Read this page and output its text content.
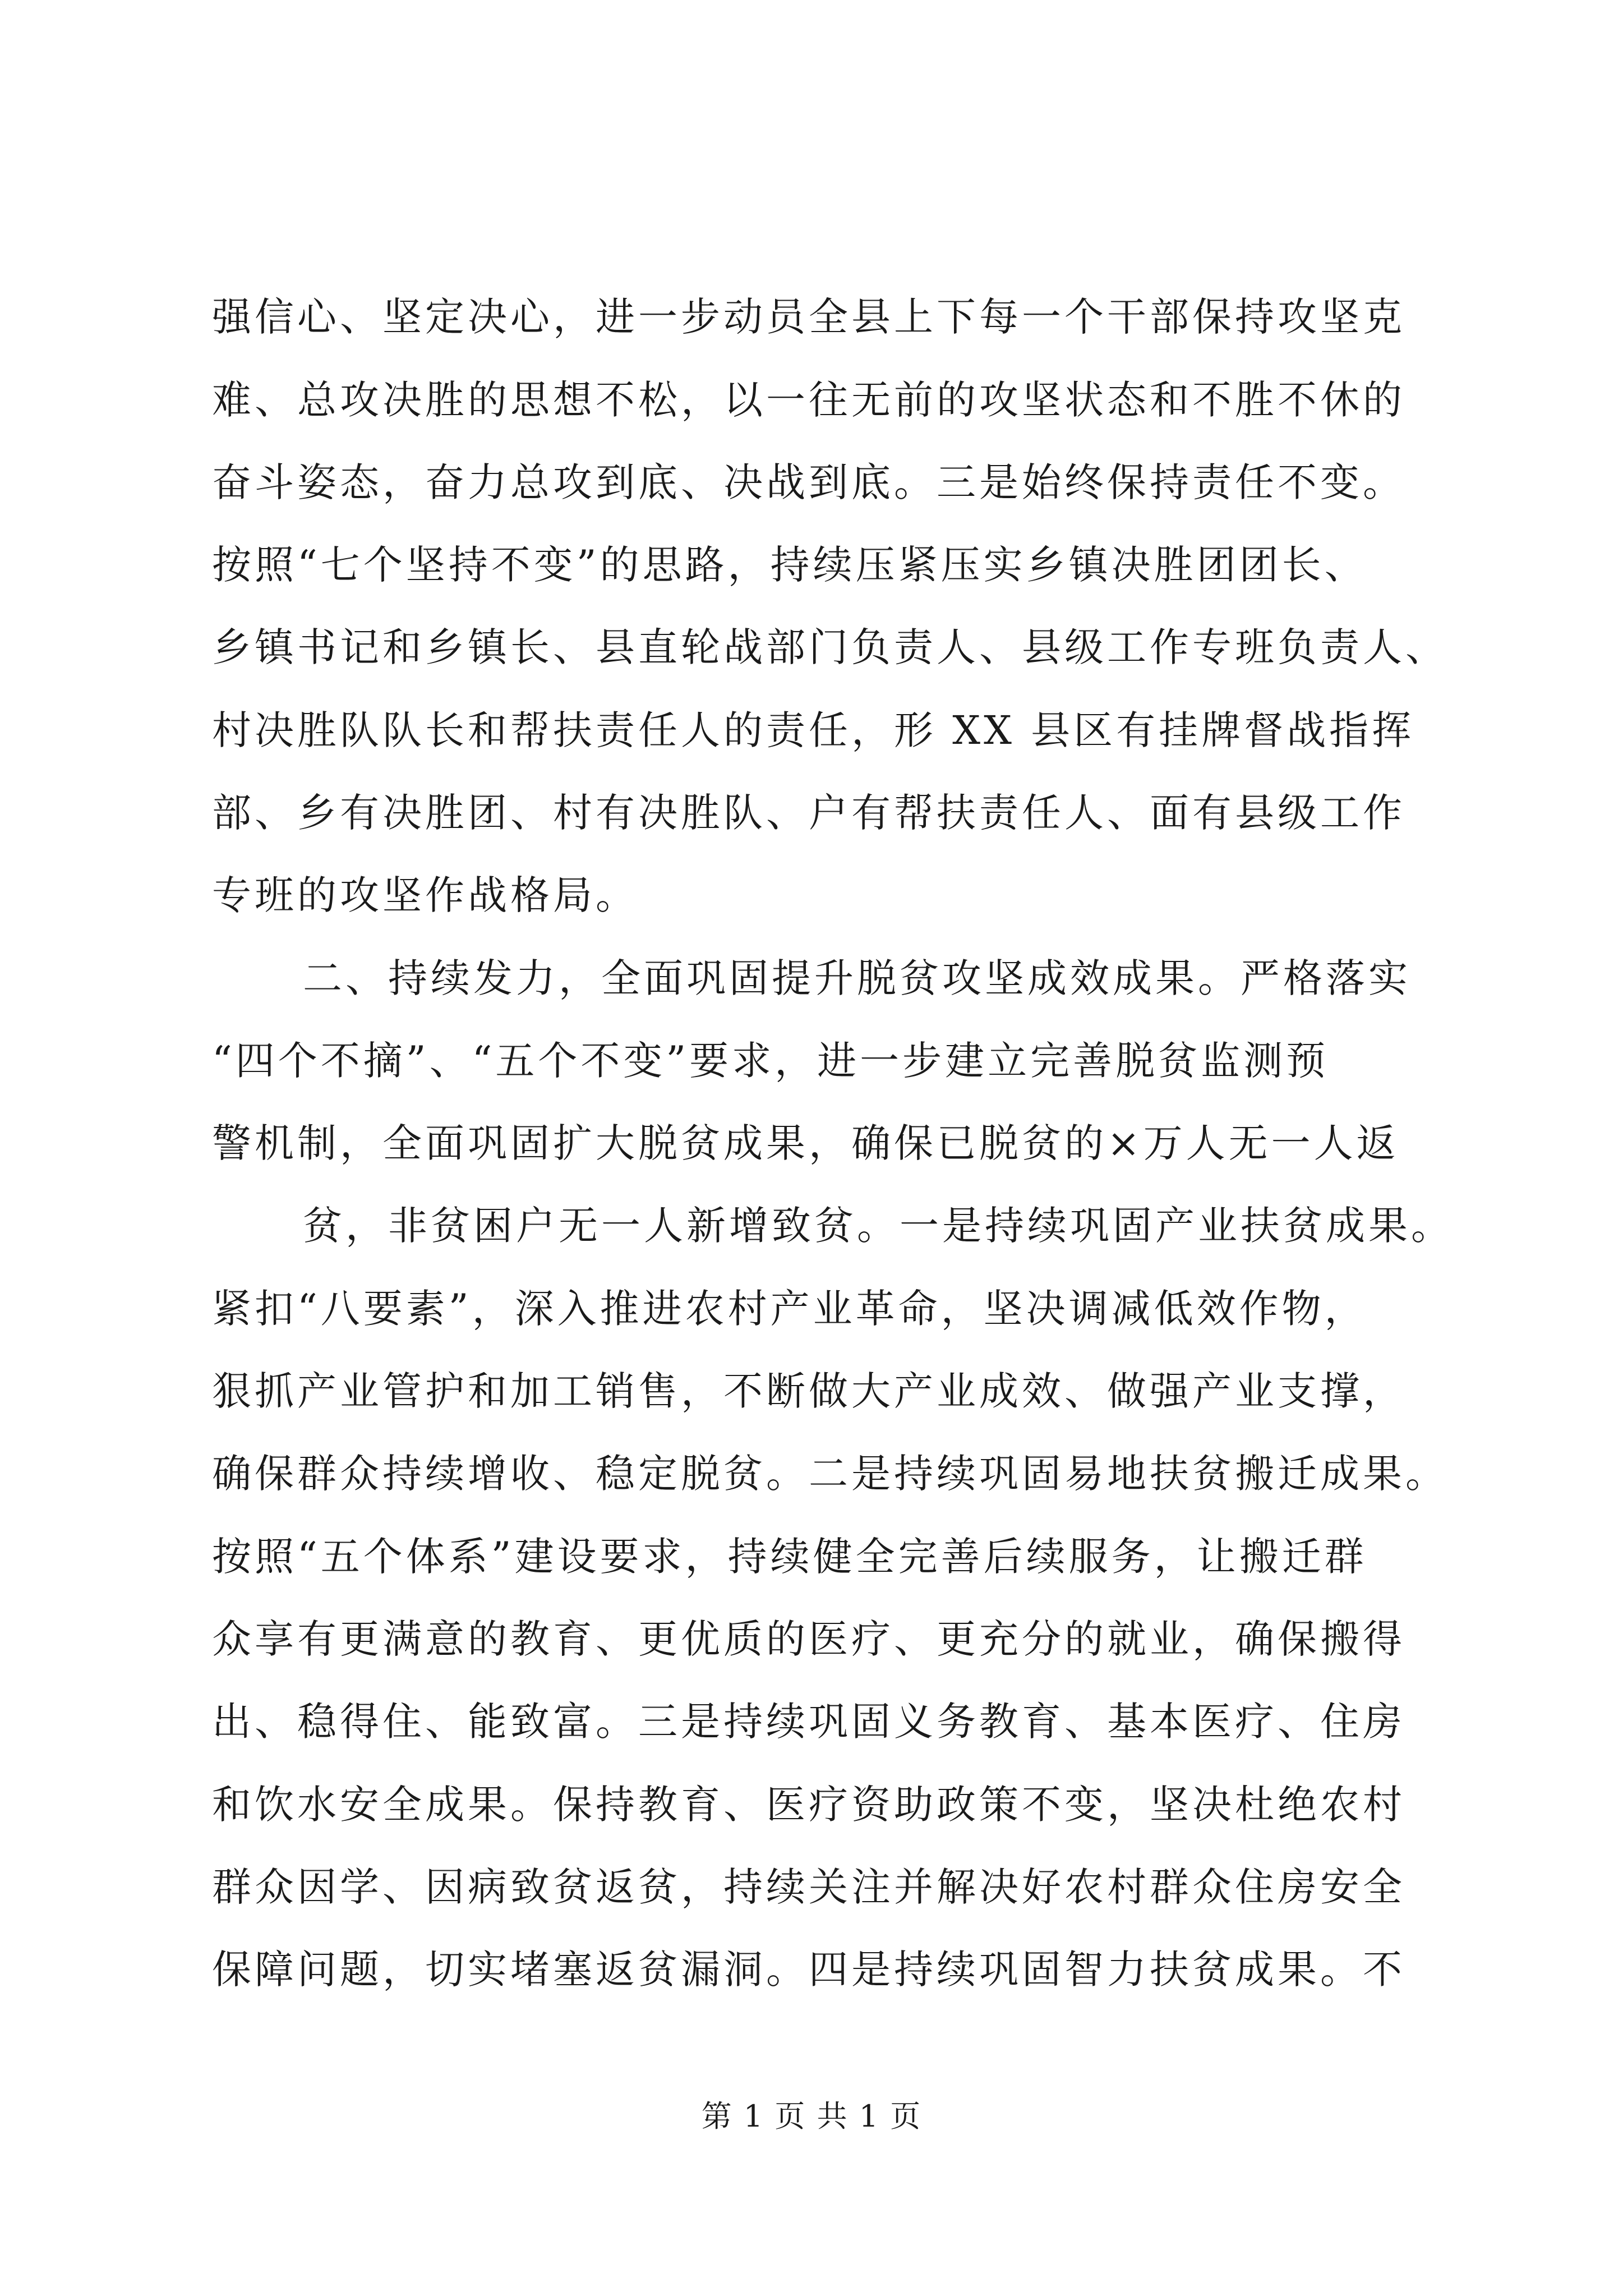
强信心、坚定决心，进一步动员全县上下每一个干部保持攻坚克
难、总攻决胜的思想不松，以一往无前的攻坚状态和不胜不休的
奋斗姿态，奋力总攻到底、决战到底。三是始终保持责任不变。
按照“七个坚持不变”的思路，持续压紧压实乡镇决胜团团长、
乡镇书记和乡镇长、县直轮战部门负责人、县级工作专班负责人、
村决胜队队长和帮扶责任人的责任，形 XX 县区有挂牌督战指挥
部、乡有决胜团、村有决胜队、户有帮扶责任人、面有县级工作
专班的攻坚作战格局。
二、持续发力，全面巩固提升脱贫攻坚成效成果。严格落实
“四个不摘”、“五个不变”要求，进一步建立完善脱贫监测预
警机制，全面巩固扩大脱贫成果，确保已脱贫的×万人无一人返
贫，非贫困户无一人新增致贫。一是持续巩固产业扶贫成果。
紧扣“八要素”，深入推进农村产业革命，坚决调减低效作物，
狠抓产业管护和加工销售，不断做大产业成效、做强产业支撑，
确保群众持续增收、稳定脱贫。二是持续巩固易地扶贫搬迁成果。
按照“五个体系”建设要求，持续健全完善后续服务，让搬迁群
众享有更满意的教育、更优质的医疗、更充分的就业，确保搬得
出、稳得住、能致富。三是持续巩固义务教育、基本医疗、住房
和饮水安全成果。保持教育、医疗资助政策不变，坚决杜绝农村
群众因学、因病致贫返贫，持续关注并解决好农村群众住房安全
保障问题，切实堵塞返贫漏洞。四是持续巩固智力扶贫成果。不
第 1 页 共 1 页
